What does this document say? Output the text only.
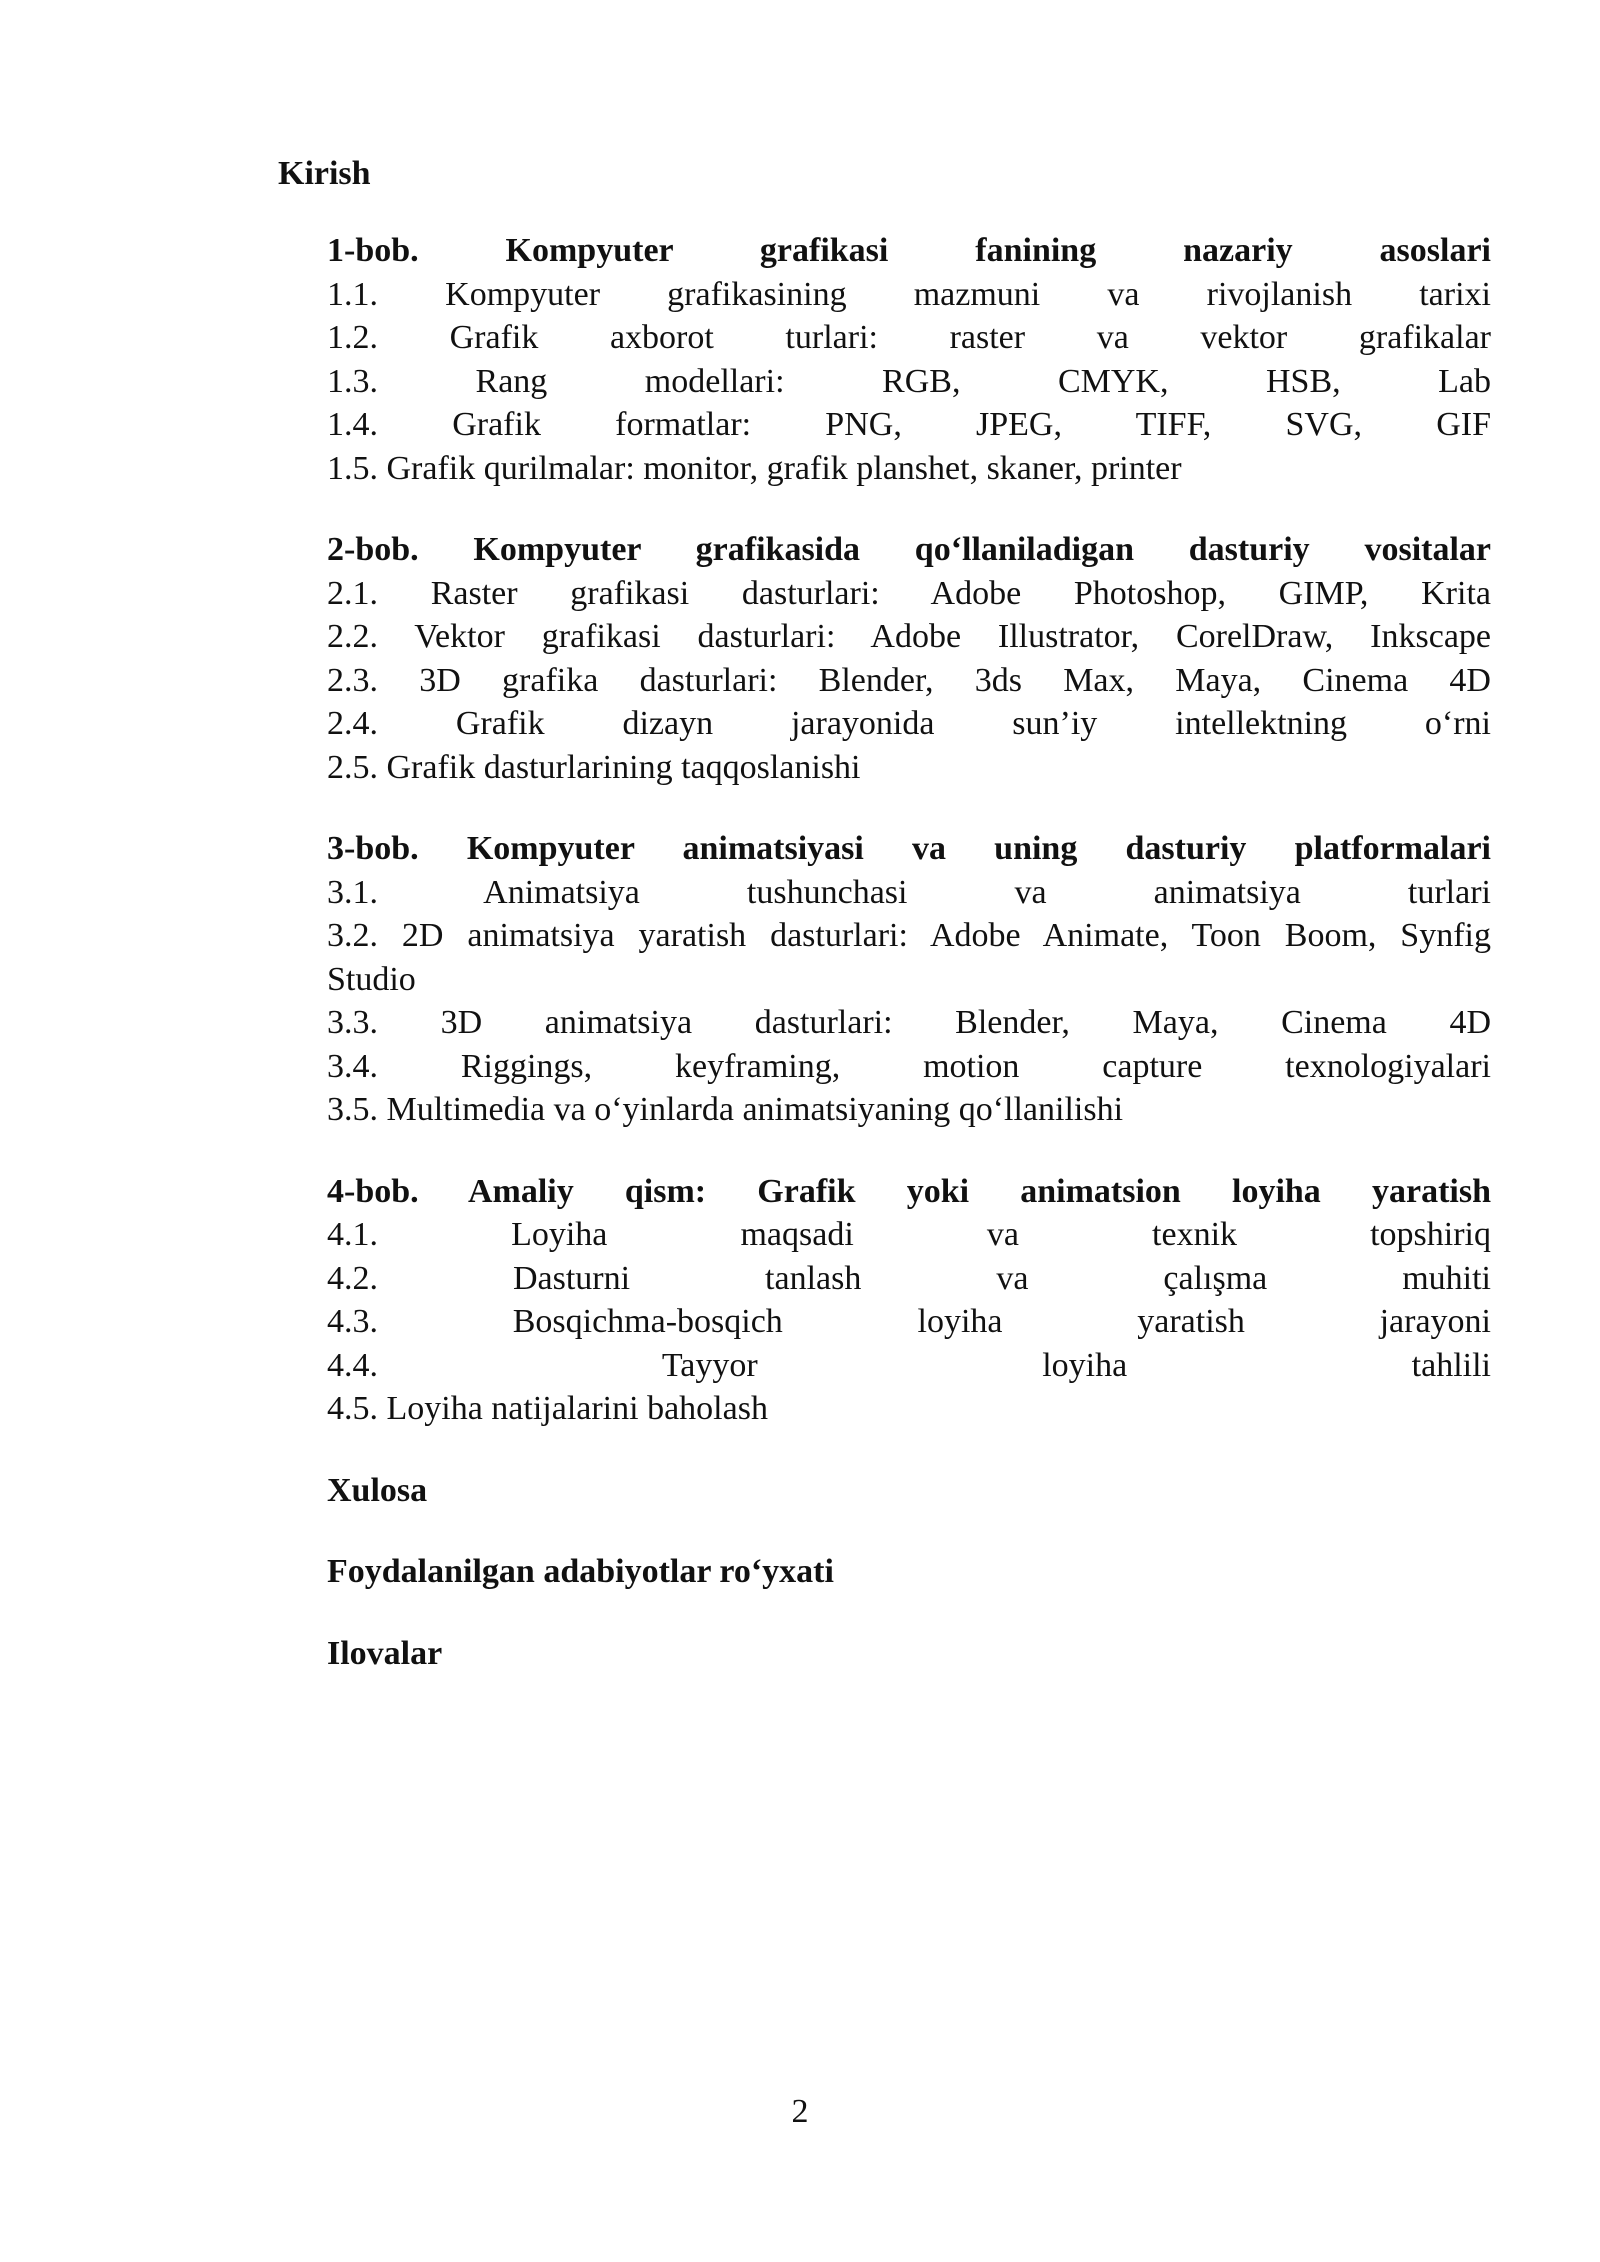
Kirish

1-bob. Kompyuter grafikasi fanining nazariy asoslari

1.1. Kompyuter grafikasining mazmuni va rivojlanish tarixi

1.2. Grafik axborot turlari: raster va vektor grafikalar

1.3. Rang modellari: RGB, CMYK, HSB, Lab

1.4. Grafik formatlar: PNG, JPEG, TIFF, SVG, GIF

1.5. Grafik qurilmalar: monitor, grafik planshet, skaner, printer

2-bob. Kompyuter grafikasida qo‘llaniladigan dasturiy vositalar

2.1. Raster grafikasi dasturlari: Adobe Photoshop, GIMP, Krita

2.2. Vektor grafikasi dasturlari: Adobe Illustrator, CorelDraw, Inkscape

2.3. 3D grafika dasturlari: Blender, 3ds Max, Maya, Cinema 4D

2.4. Grafik dizayn jarayonida sun’iy intellektning o‘rni

2.5. Grafik dasturlarining taqqoslanishi

3-bob. Kompyuter animatsiyasi va uning dasturiy platformalari

3.1. Animatsiya tushunchasi va animatsiya turlari

3.2. 2D animatsiya yaratish dasturlari: Adobe Animate, Toon Boom, Synfig

Studio

3.3. 3D animatsiya dasturlari: Blender, Maya, Cinema 4D

3.4. Riggings, keyframing, motion capture texnologiyalari

3.5. Multimedia va o‘yinlarda animatsiyaning qo‘llanilishi

4-bob. Amaliy qism: Grafik yoki animatsion loyiha yaratish

4.1. Loyiha maqsadi va texnik topshiriq

4.2. Dasturni tanlash va çalışma muhiti

4.3. Bosqichma-bosqich loyiha yaratish jarayoni

4.4. Tayyor loyiha tahlili

4.5. Loyiha natijalarini baholash

Xulosa

Foydalanilgan adabiyotlar ro‘yxati

Ilovalar

2
